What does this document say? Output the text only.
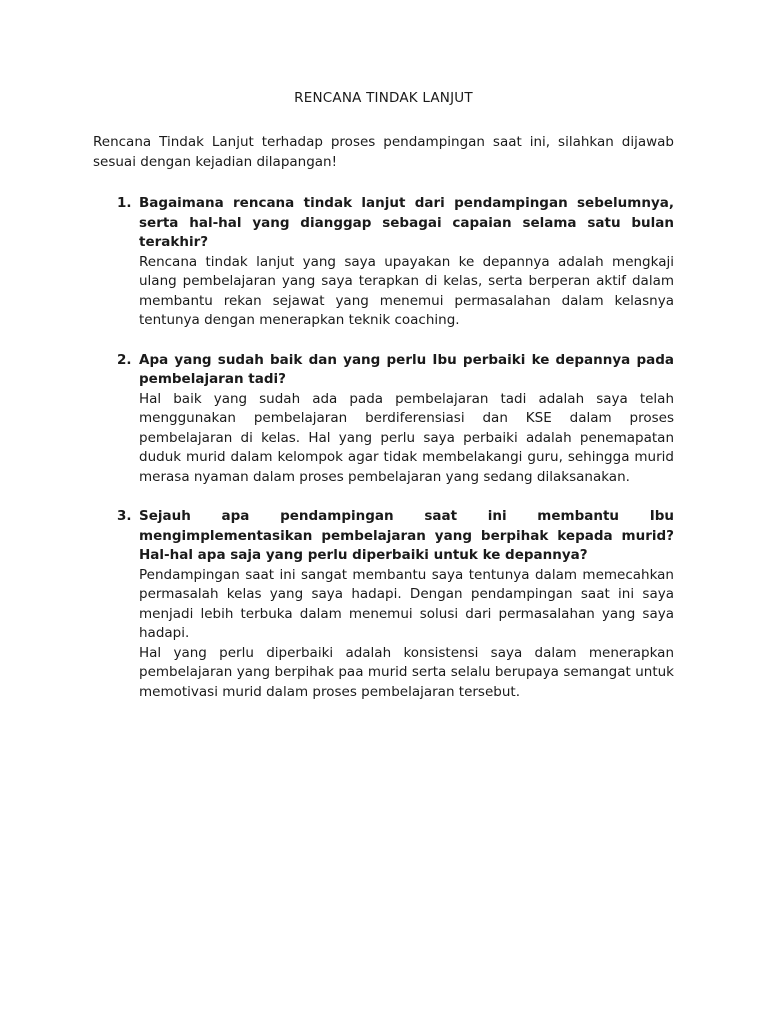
RENCANA TINDAK LANJUT

Rencana Tindak Lanjut terhadap proses pendampingan saat ini, silahkan dijawab sesuai dengan kejadian dilapangan!

1. Bagaimana rencana tindak lanjut dari pendampingan sebelumnya, serta hal-hal yang dianggap sebagai capaian selama satu bulan terakhir?

Rencana tindak lanjut yang saya upayakan ke depannya adalah mengkaji ulang pembelajaran yang saya terapkan di kelas, serta berperan aktif dalam membantu rekan sejawat yang menemui permasalahan dalam kelasnya tentunya dengan menerapkan teknik coaching.

2. Apa yang sudah baik dan yang perlu Ibu perbaiki ke depannya pada pembelajaran tadi?

Hal baik yang sudah ada pada pembelajaran tadi adalah saya telah menggunakan pembelajaran berdiferensiasi dan KSE dalam proses pembelajaran di kelas. Hal yang perlu saya perbaiki adalah penemapatan duduk murid dalam kelompok agar tidak membelakangi guru, sehingga murid merasa nyaman dalam proses pembelajaran yang sedang dilaksanakan.

3. Sejauh apa pendampingan saat ini membantu Ibu mengimplementasikan pembelajaran yang berpihak kepada murid? Hal-hal apa saja yang perlu diperbaiki untuk ke depannya?

Pendampingan saat ini sangat membantu saya tentunya dalam memecahkan permasalah kelas yang saya hadapi. Dengan pendampingan saat ini saya menjadi lebih terbuka dalam menemui solusi dari permasalahan yang saya hadapi.

Hal yang perlu diperbaiki adalah konsistensi saya dalam menerapkan pembelajaran yang berpihak paa murid serta selalu berupaya semangat untuk memotivasi murid dalam proses pembelajaran tersebut.
